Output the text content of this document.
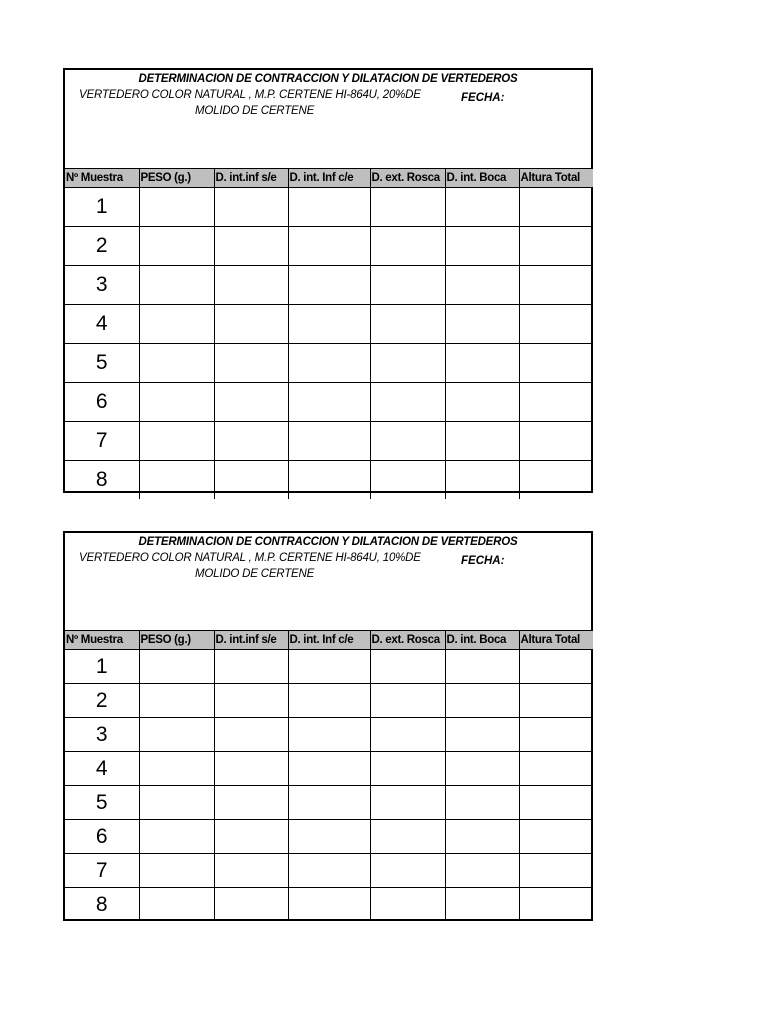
DETERMINACION DE CONTRACCION Y DILATACION DE VERTEDEROS
VERTEDERO COLOR NATURAL , M.P. CERTENE HI-864U, 20%DE
MOLIDO DE CERTENE
FECHA:
Nº Muestra	PESO (g.)	D. int.inf s/e	D. int. Inf c/e	D. ext. Rosca	D. int. Boca	Altura Total
1						
2						
3						
4						
5						
6						
7						
8						
DETERMINACION DE CONTRACCION Y DILATACION DE VERTEDEROS
VERTEDERO COLOR NATURAL , M.P. CERTENE HI-864U, 10%DE
MOLIDO DE CERTENE
FECHA:
Nº Muestra	PESO (g.)	D. int.inf s/e	D. int. Inf c/e	D. ext. Rosca	D. int. Boca	Altura Total
1						
2						
3						
4						
5						
6						
7						
8						
